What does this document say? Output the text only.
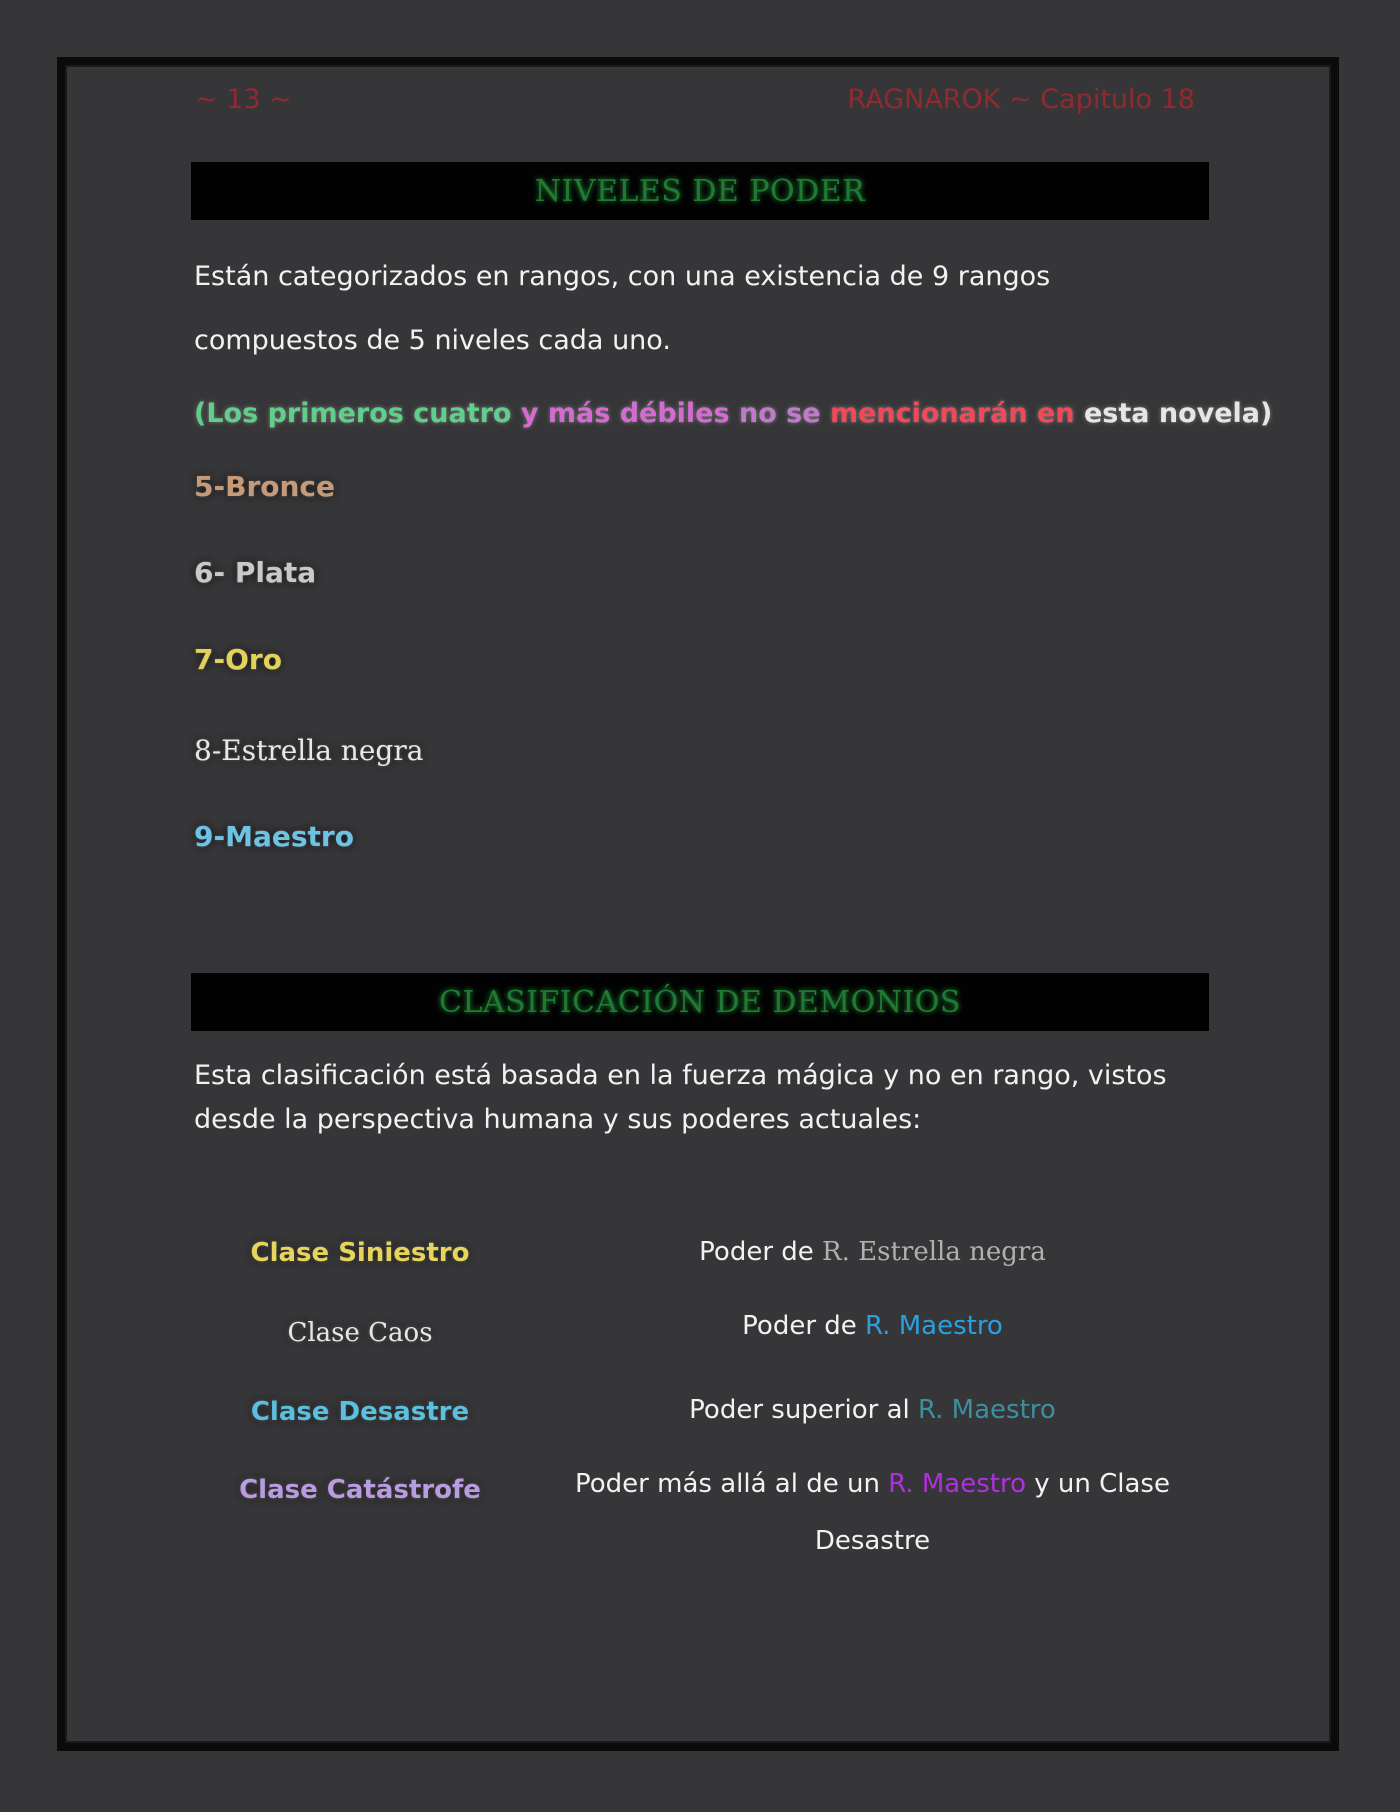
~ 13 ~	RAGNAROK ~ Capitulo 18
NIVELES DE PODER
Están categorizados en rangos, con una existencia de 9 rangos compuestos de 5 niveles cada uno.
(Los primeros cuatro y más débiles no se mencionarán en esta novela)
5-Bronce
6- Plata
7-Oro
8-Estrella negra
9-Maestro
CLASIFICACIÓN DE DEMONIOS
Esta clasificación está basada en la fuerza mágica y no en rango, vistos desde la perspectiva humana y sus poderes actuales:
Clase Siniestro	Poder de R. Estrella negra
Clase Caos	Poder de R. Maestro
Clase Desastre	Poder superior al R. Maestro
Clase Catástrofe	Poder más allá al de un R. Maestro y un Clase Desastre
